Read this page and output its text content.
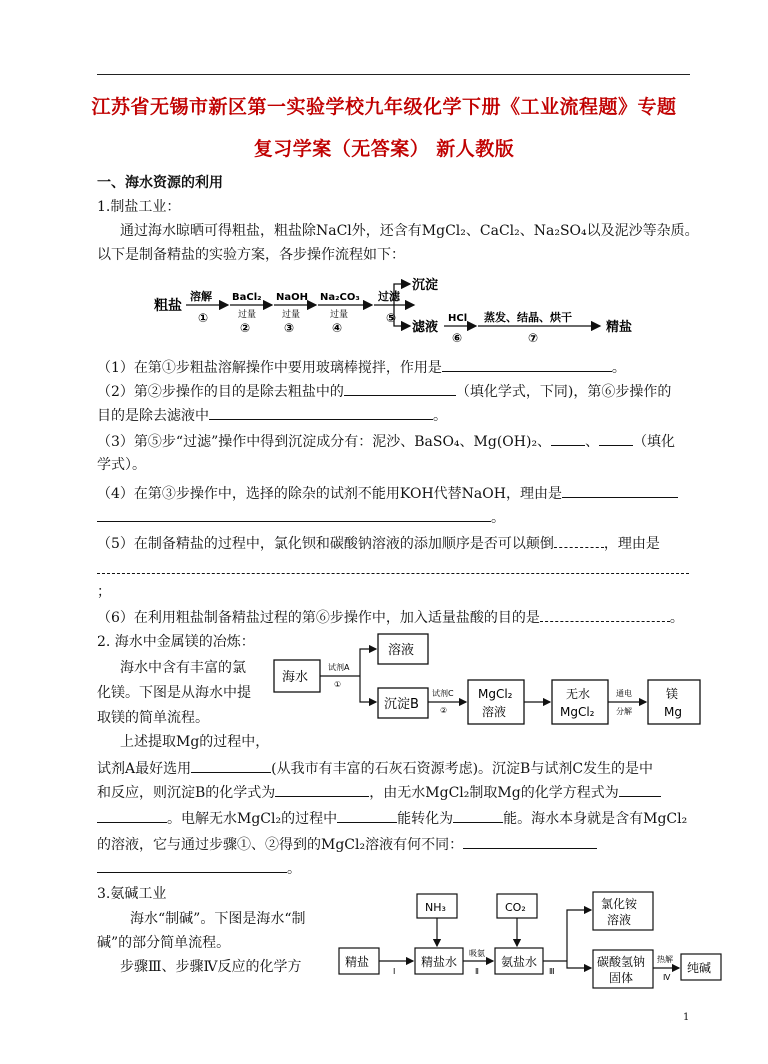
江苏省无锡市新区第一实验学校九年级化学下册《工业流程题》专题
复习学案（无答案） 新人教版
一、海水资源的利用
1.制盐工业：
通过海水晾晒可得粗盐，粗盐除NaCl外，还含有MgCl₂、CaCl₂、Na₂SO₄以及泥沙等杂质。
以下是制备精盐的实验方案，各步操作流程如下：
粗盐
溶解
①
BaCl₂
过量
②
NaOH
过量
③
Na₂CO₃
过量
④
过滤
⑤
沉淀
滤液
HCl
⑥
蒸发、结晶、烘干
⑦
精盐
（1）在第①步粗盐溶解操作中要用玻璃棒搅拌，作用是	。
（2）第②步操作的目的是除去粗盐中的	（填化学式，下同)，第⑥步操作的
目的是除去滤液中	。
（3）第⑤步“过滤”操作中得到沉淀成分有：泥沙、BaSO₄、Mg(OH)₂、 、 （填化
学式）。
（4）在第③步操作中，选择的除杂的试剂不能用KOH代替NaOH，理由是
。
（5）在制备精盐的过程中，氯化钡和碳酸钠溶液的添加顺序是否可以颠倒	，理由是
；
（6）在利用粗盐制备精盐过程的第⑥步操作中，加入适量盐酸的目的是	。
2. 海水中金属镁的冶炼：
海水中含有丰富的氯
化镁。下图是从海水中提
取镁的简单流程。
上述提取Mg的过程中，
海水
试剂A
①
溶液
沉淀B
试剂C
②
MgCl₂
溶液
无水
MgCl₂
通电
分解
镁
Mg
试剂A最好选用	(从我市有丰富的石灰石资源考虑)。沉淀B与试剂C发生的是中
和反应，则沉淀B的化学式为	，由无水MgCl₂制取Mg的化学方程式为
。电解无水MgCl₂的过程中	能转化为	能。海水本身就是含有MgCl₂
的溶液，它与通过步骤①、②得到的MgCl₂溶液有何不同：
。
3.氨碱工业
海水“制碱”。下图是海水“制
碱”的部分简单流程。
步骤Ⅲ、步骤Ⅳ反应的化学方
NH₃	CO₂
精盐
Ⅰ
精盐水
吸氨
Ⅱ
氨盐水
Ⅲ
氯化铵
溶液
碳酸氢钠
固体
热解
Ⅳ
纯碱
1
